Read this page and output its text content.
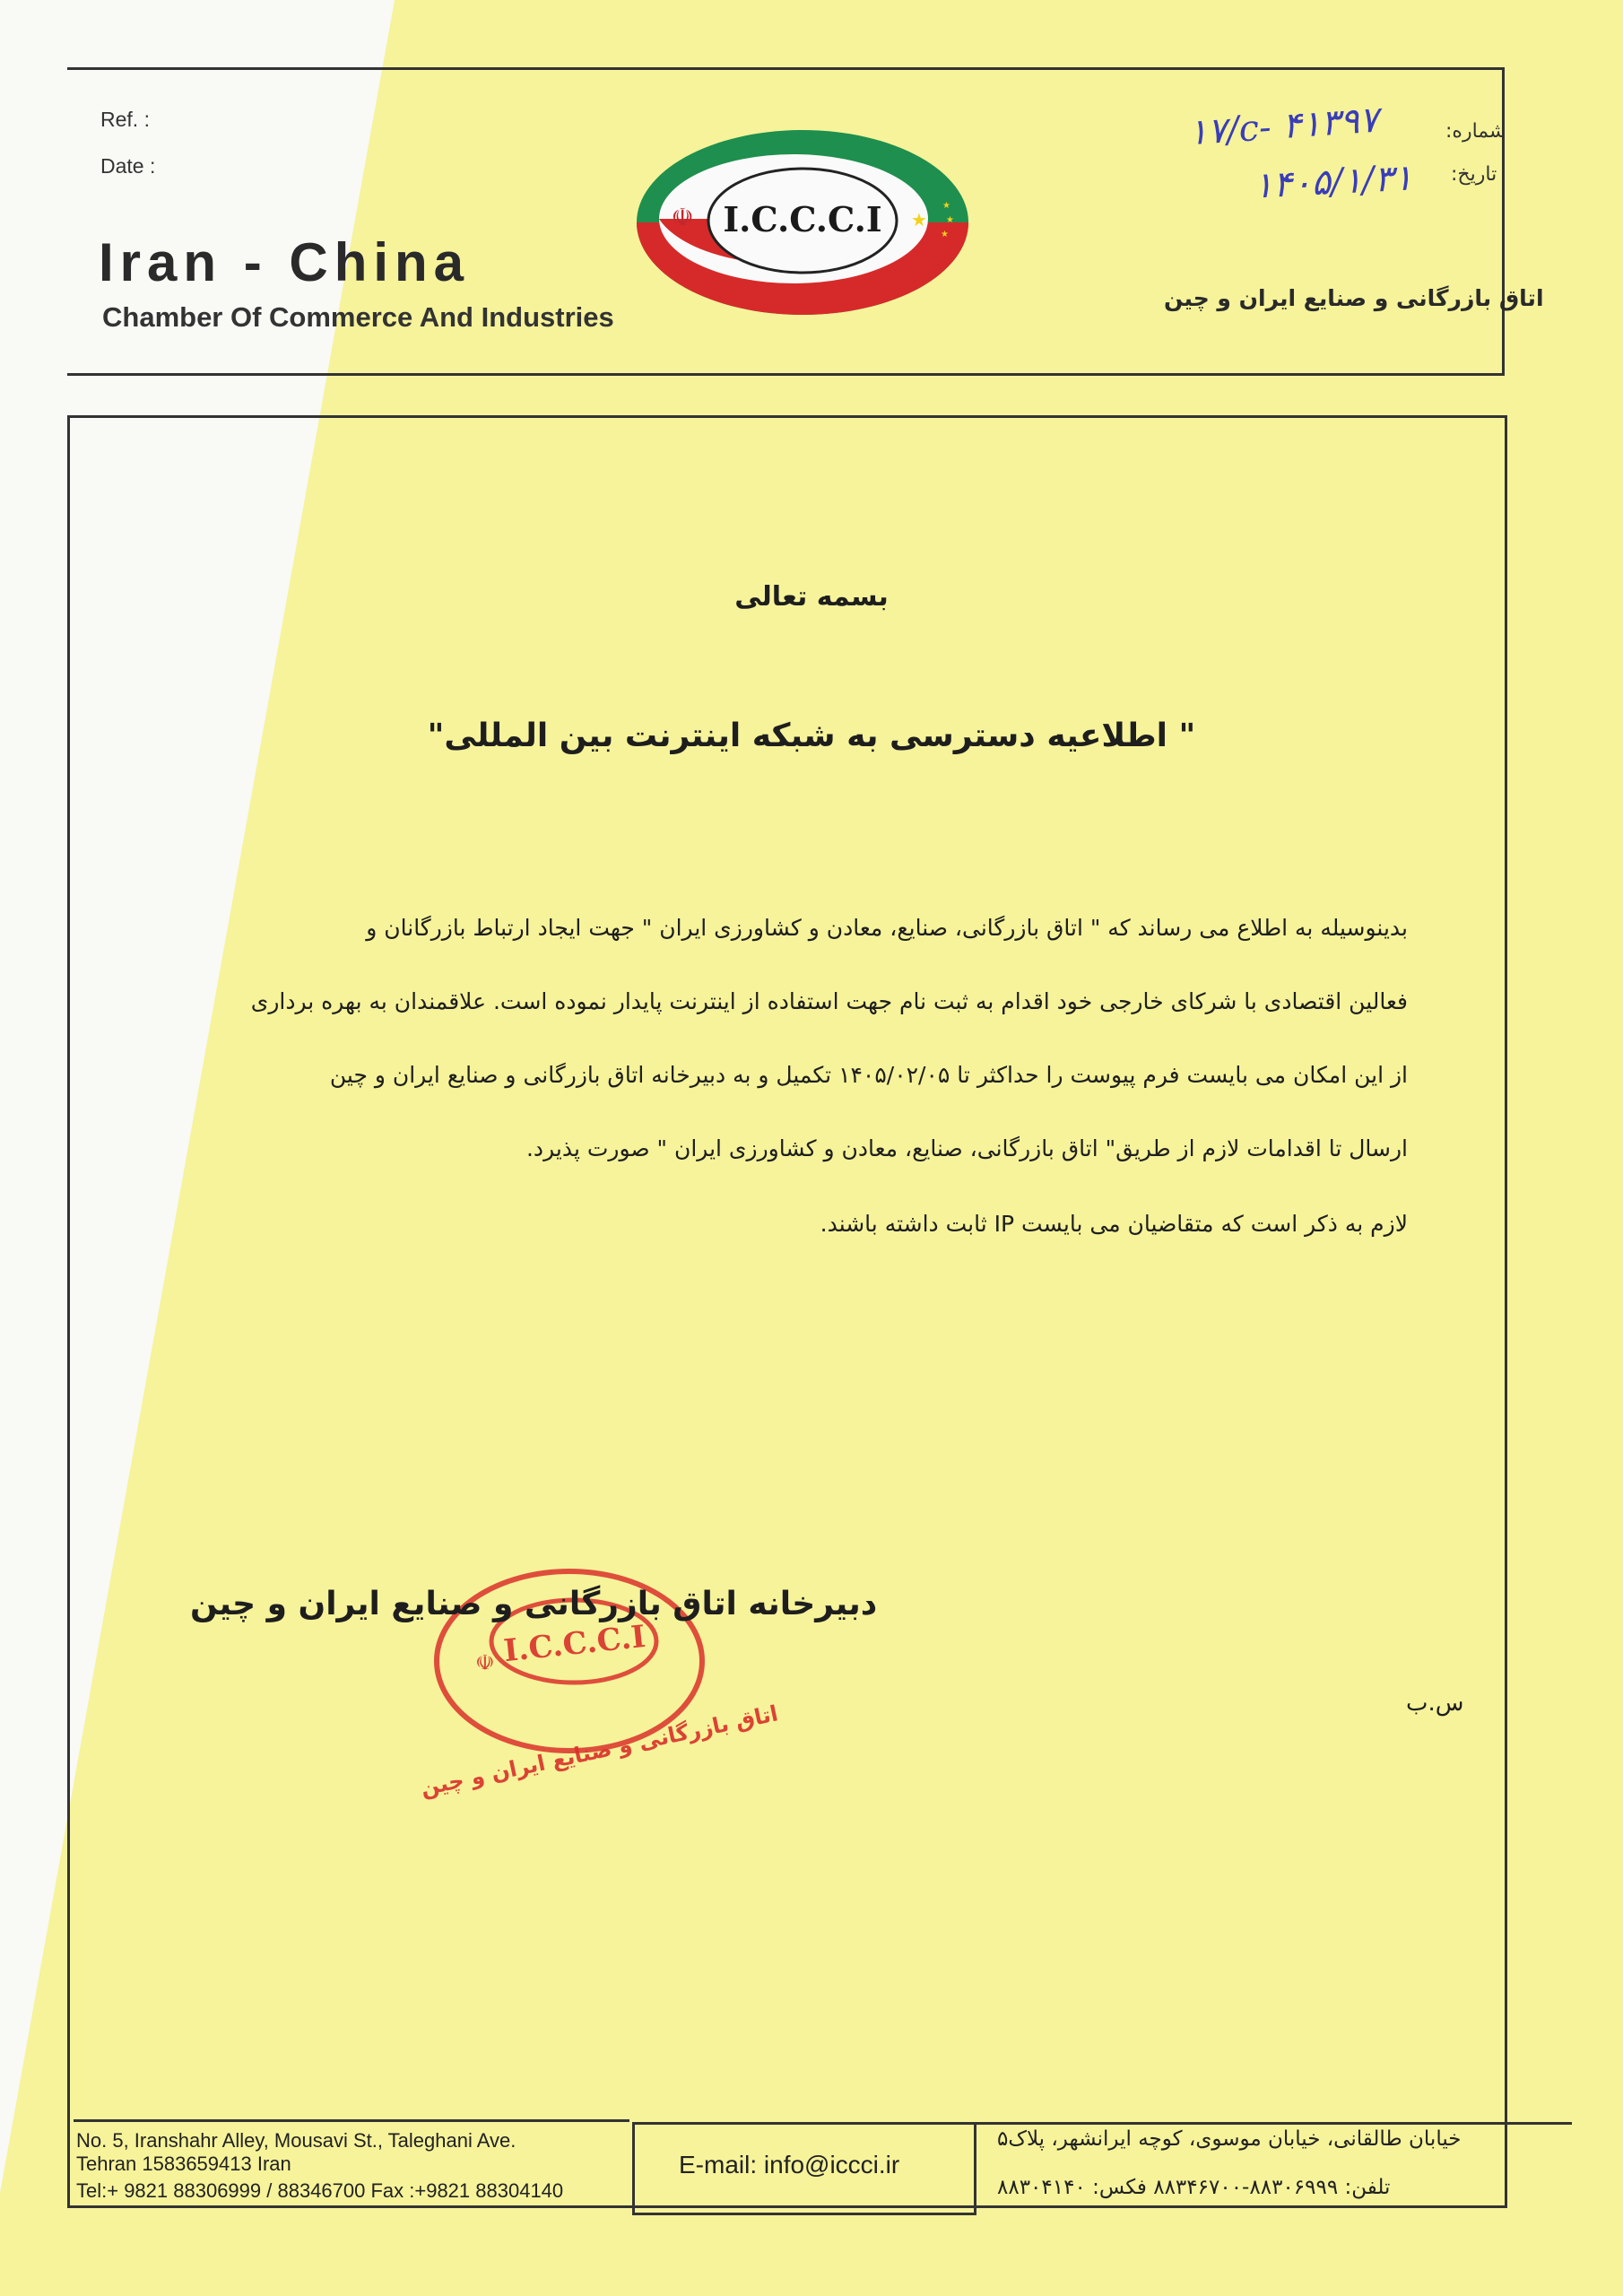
Ref. :
Date :
Iran - China
Chamber Of Commerce And Industries
I.C.C.C.I ★
★
★
★
☫
شماره:
تاریخ:
۱۷/c- ۴۱۳۹۷
۱۴۰۵/۱/۳۱
اتاق بازرگانی و صنایع ایران و چین
بسمه تعالی
" اطلاعیه دسترسی به شبکه اینترنت بین المللی"
بدینوسیله به اطلاع می رساند که " اتاق بازرگانی، صنایع، معادن و کشاورزی ایران " جهت ایجاد ارتباط بازرگانان و
فعالین اقتصادی با شرکای خارجی خود اقدام به ثبت نام جهت استفاده از اینترنت پایدار نموده است. علاقمندان به بهره برداری
از این امکان می بایست فرم پیوست را حداکثر تا ۱۴۰۵/۰۲/۰۵ تکمیل و به دبیرخانه اتاق بازرگانی و صنایع ایران و چین
ارسال تا اقدامات لازم از طریق" اتاق بازرگانی، صنایع، معادن و کشاورزی ایران " صورت پذیرد.
لازم به ذکر است که متقاضیان می بایست IP ثابت داشته باشند.
I.C.C.C.I
☫
اتاق بازرگانی و صنایع ایران و چین
دبیرخانه اتاق بازرگانی و صنایع ایران و چین
س.ب
No. 5, Iranshahr Alley, Mousavi St., Taleghani Ave.
Tehran 1583659413 Iran
Tel:+ 9821 88306999 / 88346700 Fax :+9821 88304140
E-mail: info@iccci.ir
خیابان طالقانی، خیابان موسوی، کوچه ایرانشهر، پلاک۵
تلفن: ۸۸۳۰۶۹۹۹-۸۸۳۴۶۷۰۰ فکس: ۸۸۳۰۴۱۴۰
